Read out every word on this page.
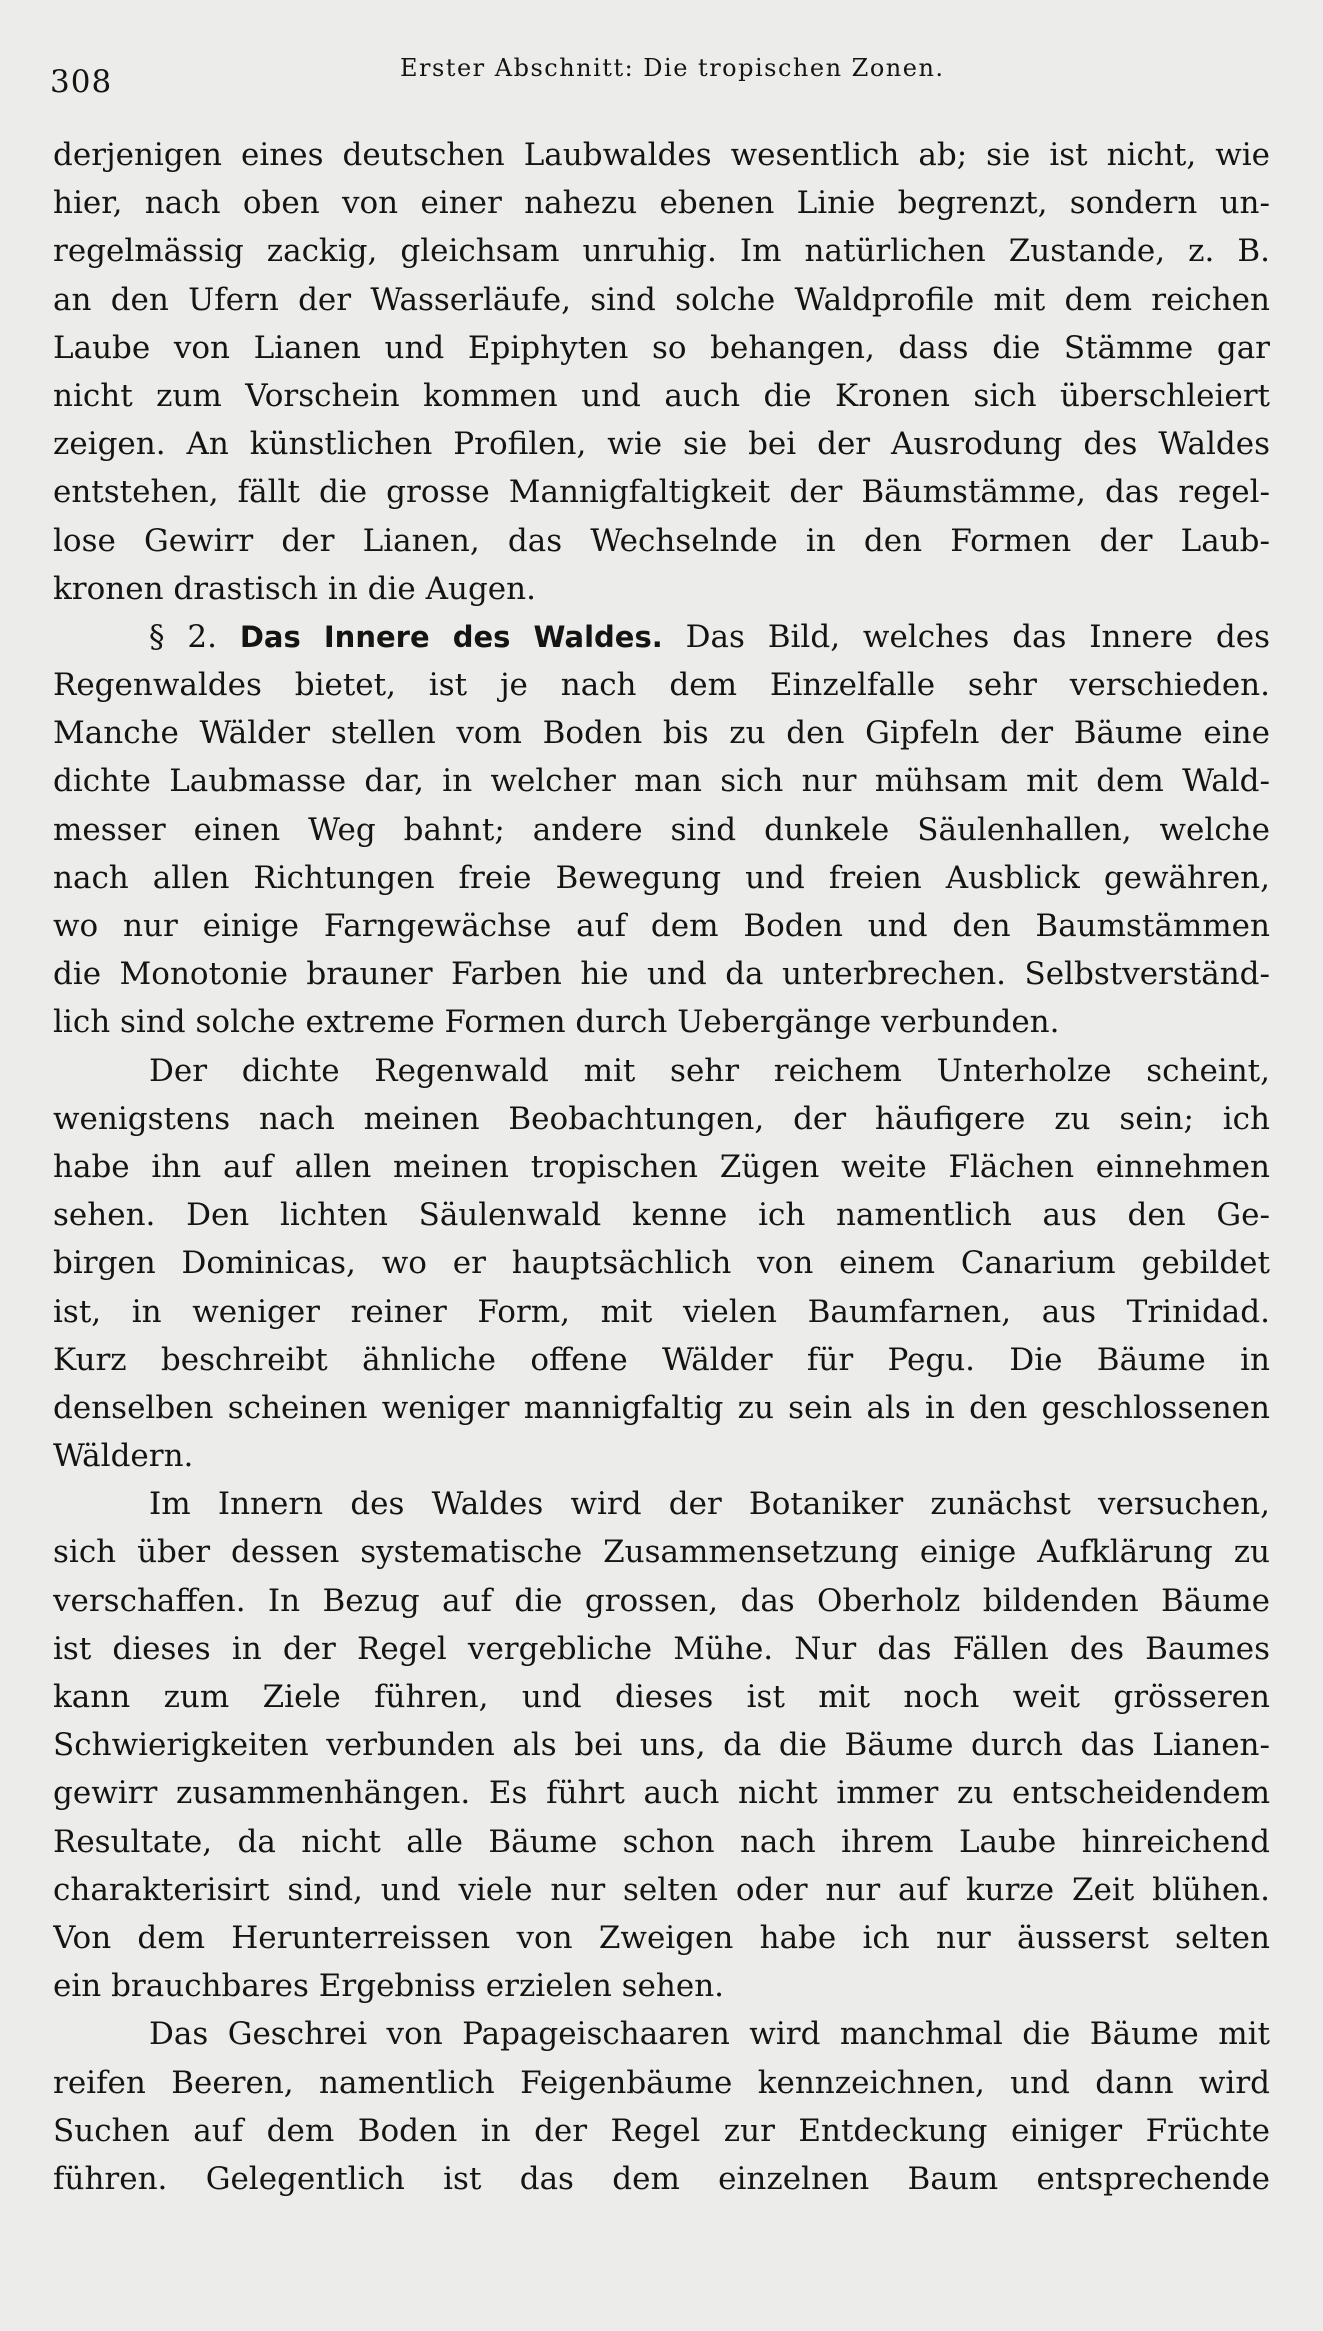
308	Erster Abschnitt: Die tropischen Zonen.
derjenigen eines deutschen Laubwaldes wesentlich ab; sie ist nicht, wie
hier, nach oben von einer nahezu ebenen Linie begrenzt, sondern un-
regelmässig zackig, gleichsam unruhig. Im natürlichen Zustande, z. B.
an den Ufern der Wasserläufe, sind solche Waldprofile mit dem reichen
Laube von Lianen und Epiphyten so behangen, dass die Stämme gar
nicht zum Vorschein kommen und auch die Kronen sich überschleiert
zeigen. An künstlichen Profilen, wie sie bei der Ausrodung des Waldes
entstehen, fällt die grosse Mannigfaltigkeit der Bäumstämme, das regel-
lose Gewirr der Lianen, das Wechselnde in den Formen der Laub-
kronen drastisch in die Augen.
§ 2. Das Innere des Waldes. Das Bild, welches das Innere des
Regenwaldes bietet, ist je nach dem Einzelfalle sehr verschieden.
Manche Wälder stellen vom Boden bis zu den Gipfeln der Bäume eine
dichte Laubmasse dar, in welcher man sich nur mühsam mit dem Wald-
messer einen Weg bahnt; andere sind dunkele Säulenhallen, welche
nach allen Richtungen freie Bewegung und freien Ausblick gewähren,
wo nur einige Farngewächse auf dem Boden und den Baumstämmen
die Monotonie brauner Farben hie und da unterbrechen. Selbstverständ-
lich sind solche extreme Formen durch Uebergänge verbunden.
Der dichte Regenwald mit sehr reichem Unterholze scheint,
wenigstens nach meinen Beobachtungen, der häufigere zu sein; ich
habe ihn auf allen meinen tropischen Zügen weite Flächen einnehmen
sehen. Den lichten Säulenwald kenne ich namentlich aus den Ge-
birgen Dominicas, wo er hauptsächlich von einem Canarium gebildet
ist, in weniger reiner Form, mit vielen Baumfarnen, aus Trinidad.
Kurz beschreibt ähnliche offene Wälder für Pegu. Die Bäume in
denselben scheinen weniger mannigfaltig zu sein als in den geschlossenen
Wäldern.
Im Innern des Waldes wird der Botaniker zunächst versuchen,
sich über dessen systematische Zusammensetzung einige Aufklärung zu
verschaffen. In Bezug auf die grossen, das Oberholz bildenden Bäume
ist dieses in der Regel vergebliche Mühe. Nur das Fällen des Baumes
kann zum Ziele führen, und dieses ist mit noch weit grösseren
Schwierigkeiten verbunden als bei uns, da die Bäume durch das Lianen-
gewirr zusammenhängen. Es führt auch nicht immer zu entscheidendem
Resultate, da nicht alle Bäume schon nach ihrem Laube hinreichend
charakterisirt sind, und viele nur selten oder nur auf kurze Zeit blühen.
Von dem Herunterreissen von Zweigen habe ich nur äusserst selten
ein brauchbares Ergebniss erzielen sehen.
Das Geschrei von Papageischaaren wird manchmal die Bäume mit
reifen Beeren, namentlich Feigenbäume kennzeichnen, und dann wird
Suchen auf dem Boden in der Regel zur Entdeckung einiger Früchte
führen. Gelegentlich ist das dem einzelnen Baum entsprechende
